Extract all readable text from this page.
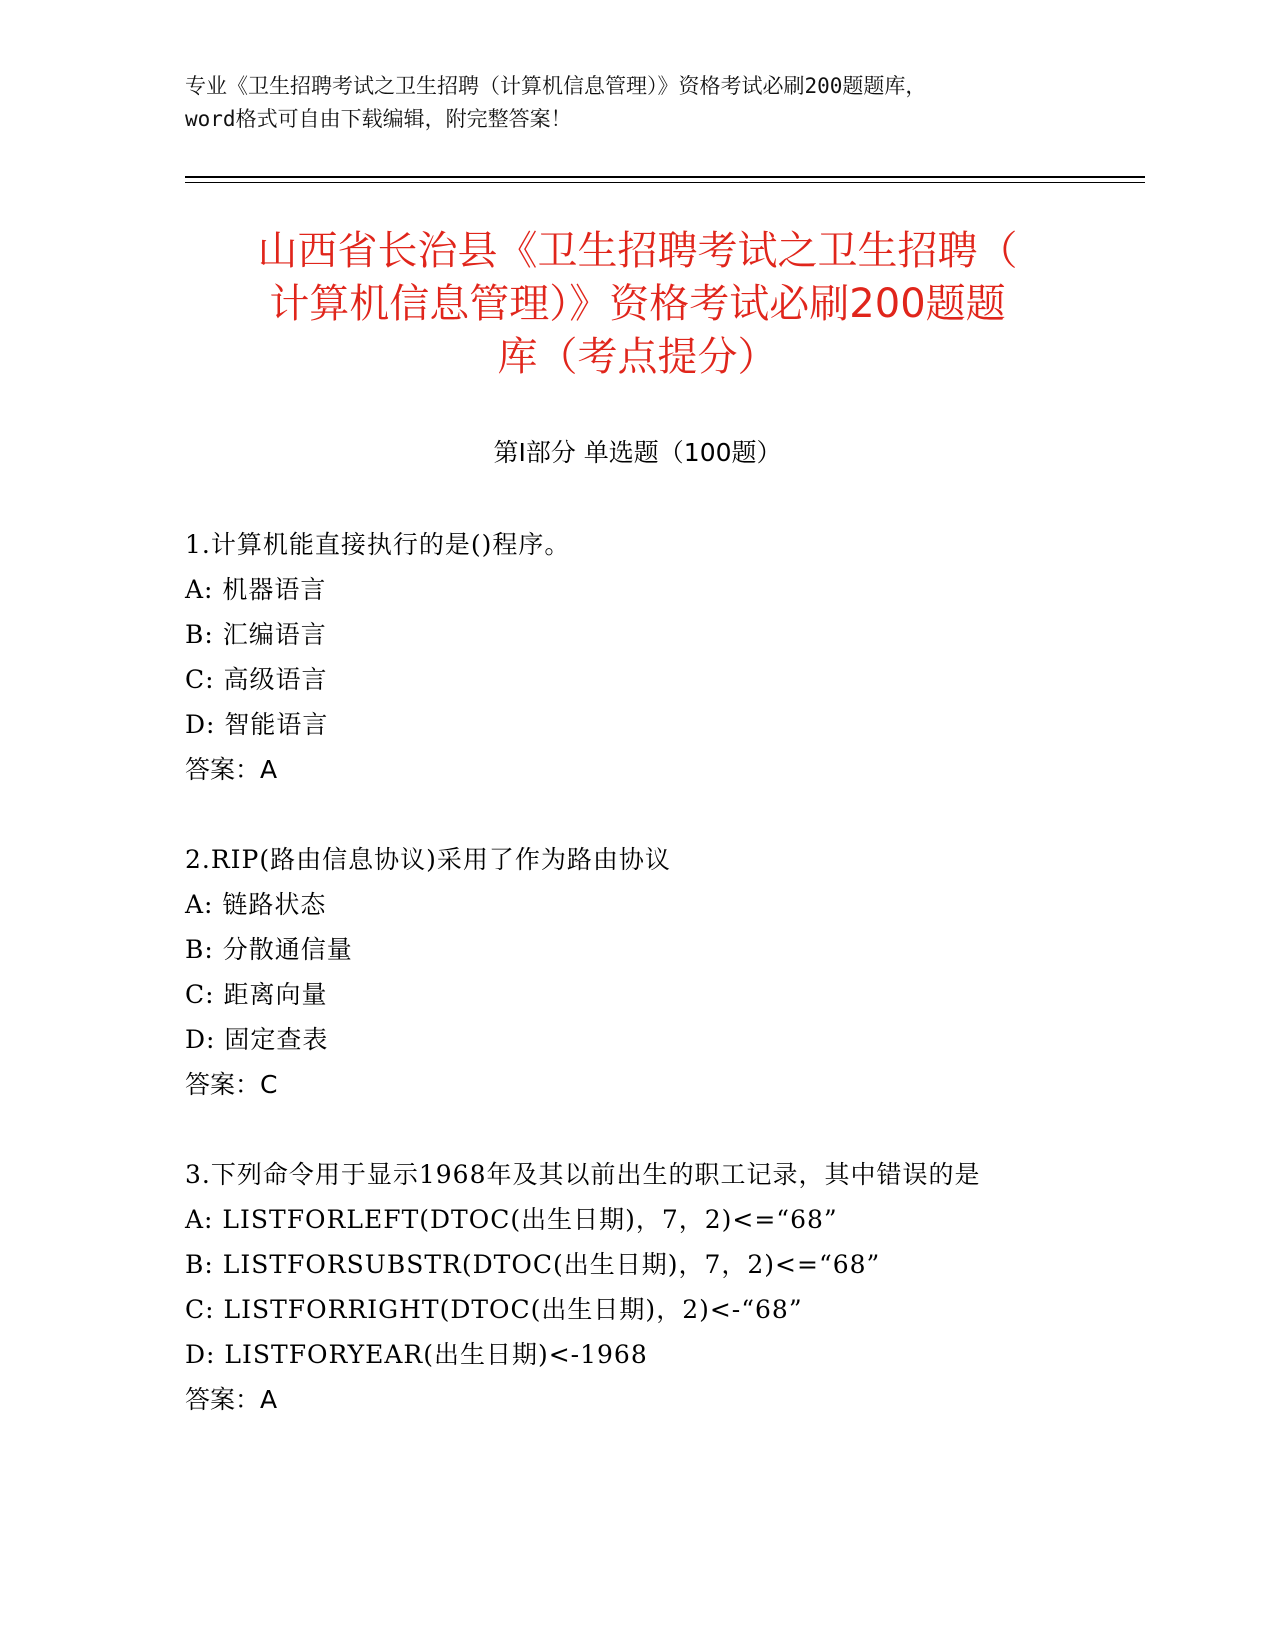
专业《卫生招聘考试之卫生招聘（计算机信息管理）》资格考试必刷200题题库，
word格式可自由下载编辑，附完整答案！
山西省长治县《卫生招聘考试之卫生招聘（
计算机信息管理）》资格考试必刷200题题
库（考点提分）
第Ⅰ部分 单选题（100题）
1.计算机能直接执行的是()程序。
A: 机器语言
B: 汇编语言
C: 高级语言
D: 智能语言
答案：A
2.RIP(路由信息协议)采用了作为路由协议
A: 链路状态
B: 分散通信量
C: 距离向量
D: 固定查表
答案：C
3.下列命令用于显示1968年及其以前出生的职工记录，其中错误的是
A: LISTFORLEFT(DTOC(出生日期)，7，2)<=“68”
B: LISTFORSUBSTR(DTOC(出生日期)，7，2)<=“68”
C: LISTFORRIGHT(DTOC(出生日期)，2)<-“68”
D: LISTFORYEAR(出生日期)<-1968
答案：A
